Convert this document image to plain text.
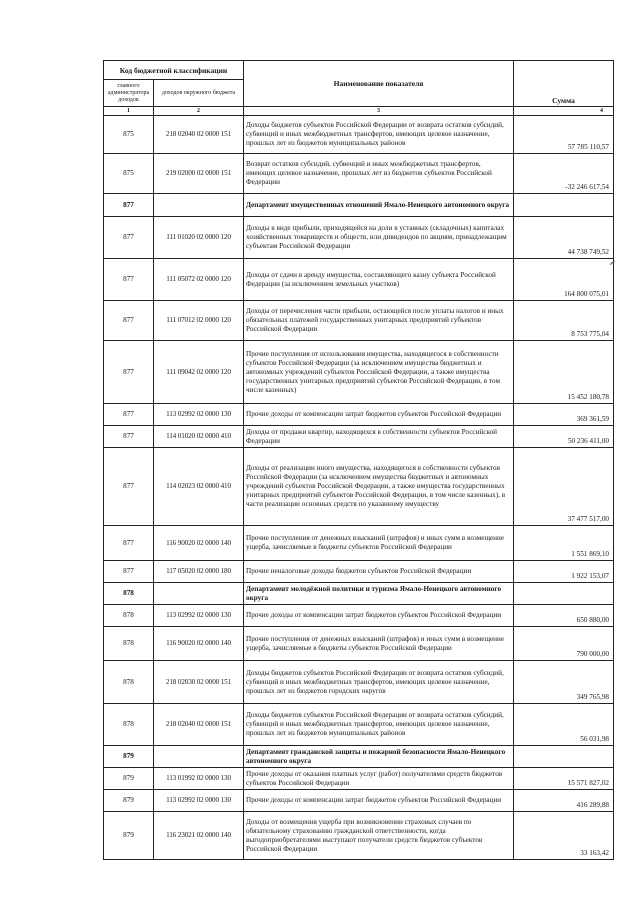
Код бюджетной классификации		Наименование показателя	Сумма
главного администратора доходов	доходов окружного бюджета		
1	2	3	4
875	218 02040 02 0000 151	Доходы бюджетов субъектов Российской Федерации от возврата остатков субсидий, субвенций и иных межбюджетных трансфертов, имеющих целевое назначение, прошлых лет из бюджетов муниципальных районов	57 785 110,57
875	219 02000 02 0000 151	Возврат остатков субсидий, субвенций и иных межбюджетных трансфертов, имеющих целевое назначение, прошлых лет из бюджетов субъектов Российской Федерации	-32 246 617,54
877		Департамент имущественных отношений Ямало-Ненецкого автономного округа	
877	111 01020 02 0000 120	Доходы в виде прибыли, приходящейся на доли в уставных (складочных) капиталах хозяйственных товариществ и обществ, или дивидендов по акциям, принадлежащим субъектам Российской Федерации	44 738 749,52
877	111 05072 02 0000 120	Доходы от сдачи в аренду имущества, составляющего казну субъекта Российской Федерации (за исключением земельных участков)	164 800 075,01
877	111 07012 02 0000 120	Доходы от перечисления части прибыли, остающейся после уплаты налогов и иных обязательных платежей государственных унитарных предприятий субъектов Российской Федерации	8 753 775,04
877	111 09042 02 0000 120	Прочие поступления от использования имущества, находящегося в собственности субъектов Российской Федерации (за исключением имущества бюджетных и автономных учреждений субъектов Российской Федерации, а также имущества государственных унитарных предприятий субъектов Российской Федерации, в том числе казенных)	15 452 180,78
877	113 02992 02 0000 130	Прочие доходы от компенсации затрат бюджетов субъектов Российской Федерации	369 361,59
877	114 01020 02 0000 410	Доходы от продажи квартир, находящихся в собственности субъектов Российской Федерации	50 236 411,00
877	114 02023 02 0000 410	Доходы от реализации иного имущества, находящегося в собственности субъектов Российской Федерации (за исключением имущества бюджетных и автономных учреждений субъектов Российской Федерации, а также имущества государственных унитарных предприятий субъектов Российской Федерации, в том числе казенных), в части реализации основных средств по указанному имуществу	37 477 517,00
877	116 90020 02 0000 140	Прочие поступления от денежных взысканий (штрафов) и иных сумм в возмещение ущерба, зачисляемые в бюджеты субъектов Российской Федерации	1 551 869,10
877	117 05020 02 0000 180	Прочие неналоговые доходы бюджетов субъектов Российской Федерации	1 922 153,07
878		Департамент молодёжной политики и туризма Ямало-Ненецкого автономного округа	
878	113 02992 02 0000 130	Прочие доходы от компенсации затрат бюджетов субъектов Российской Федерации	650 880,00
878	116 90020 02 0000 140	Прочие поступления от денежных взысканий (штрафов) и иных сумм в возмещение ущерба, зачисляемые в бюджеты субъектов Российской Федерации	790 000,00
878	218 02030 02 0000 151	Доходы бюджетов субъектов Российской Федерации от возврата остатков субсидий, субвенций и иных межбюджетных трансфертов, имеющих целевое назначение, прошлых лет из бюджетов городских округов	349 765,98
878	218 02040 02 0000 151	Доходы бюджетов субъектов Российской Федерации от возврата остатков субсидий, субвенций и иных межбюджетных трансфертов, имеющих целевое назначение, прошлых лет из бюджетов муниципальных районов	56 031,98
879		Департамент гражданской защиты и пожарной безопасности Ямало-Ненецкого автономного округа	
879	113 01992 02 0000 130	Прочие доходы от оказания платных услуг (работ) получателями средств бюджетов субъектов Российской Федерации	15 571 827,02
879	113 02992 02 0000 130	Прочие доходы от компенсации затрат бюджетов субъектов Российской Федерации	416 289,88
879	116 23021 02 0000 140	Доходы от возмещения ущерба при возникновении страховых случаев по обязательному страхованию гражданской ответственности, когда выгодоприобретателями выступают получатели средств бюджетов субъектов Российской Федерации	33 163,42
